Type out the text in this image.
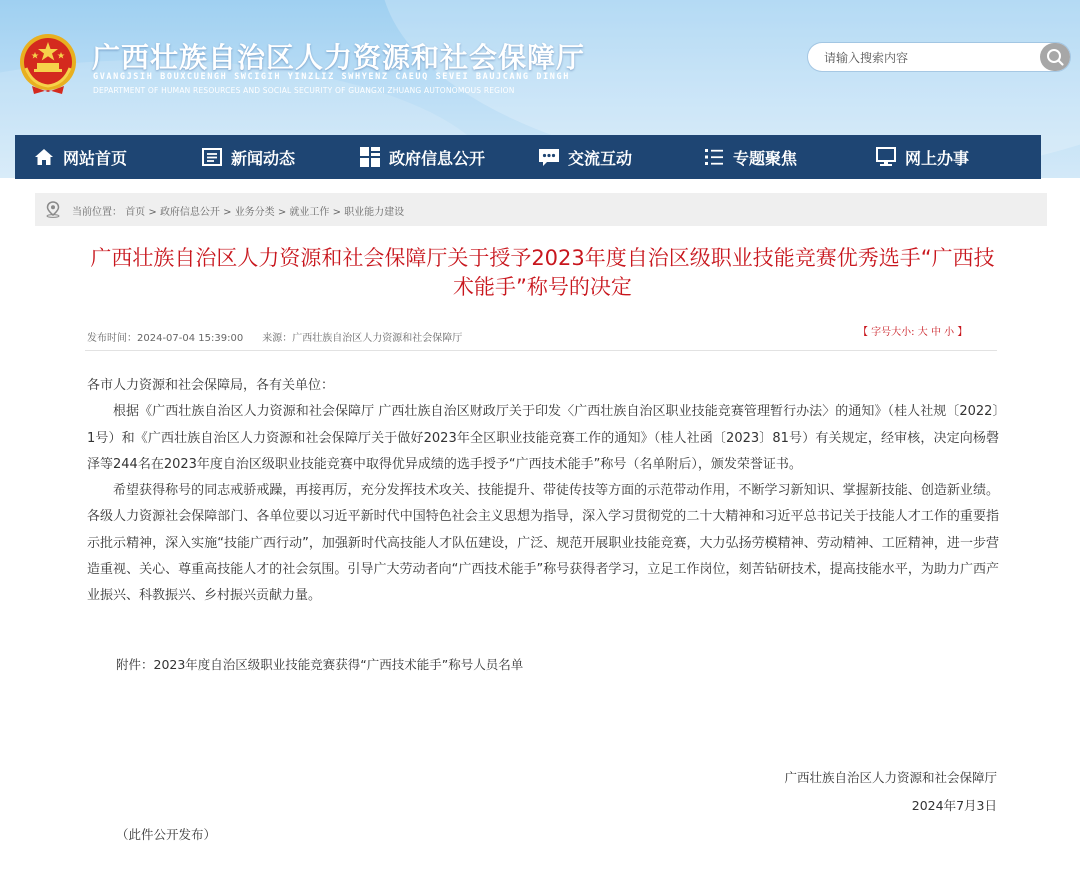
广西壮族自治区人力资源和社会保障厅
GVANGJSIH BOUXCUENGH SWCIGIH YINZLIZ SWHYENZ CAEUQ SEVEI BAUJCANG DINGH
DEPARTMENT OF HUMAN RESOURCES AND SOCIAL SECURITY OF GUANGXI ZHUANG AUTONOMOUS REGION
请输入搜索内容
网站首页	新闻动态	政府信息公开	交流互动	专题聚焦	网上办事
当前位置： 首页 > 政府信息公开 > 业务分类 > 就业工作 > 职业能力建设
广西壮族自治区人力资源和社会保障厅关于授予2023年度自治区级职业技能竞赛优秀选手“广西技术能手”称号的决定
发布时间：2024-07-04 15:39:00 来源：广西壮族自治区人力资源和社会保障厅
【 字号大小: 大 中 小 】

各市人力资源和社会保障局，各有关单位：

根据《广西壮族自治区人力资源和社会保障厅 广西壮族自治区财政厅关于印发〈广西壮族自治区职业技能竞赛管理暂行办法〉的通知》（桂人社规〔2022〕1号）和《广西壮族自治区人力资源和社会保障厅关于做好2023年全区职业技能竞赛工作的通知》（桂人社函〔2023〕81号）有关规定，经审核，决定向杨磬泽等244名在2023年度自治区级职业技能竞赛中取得优异成绩的选手授予“广西技术能手”称号（名单附后），颁发荣誉证书。

希望获得称号的同志戒骄戒躁，再接再厉，充分发挥技术攻关、技能提升、带徒传技等方面的示范带动作用，不断学习新知识、掌握新技能、创造新业绩。各级人力资源社会保障部门、各单位要以习近平新时代中国特色社会主义思想为指导，深入学习贯彻党的二十大精神和习近平总书记关于技能人才工作的重要指示批示精神，深入实施“技能广西行动”，加强新时代高技能人才队伍建设，广泛、规范开展职业技能竞赛，大力弘扬劳模精神、劳动精神、工匠精神，进一步营造重视、关心、尊重高技能人才的社会氛围。引导广大劳动者向“广西技术能手”称号获得者学习，立足工作岗位，刻苦钻研技术，提高技能水平，为助力广西产业振兴、科教振兴、乡村振兴贡献力量。

附件：2023年度自治区级职业技能竞赛获得“广西技术能手”称号人员名单
广西壮族自治区人力资源和社会保障厅
2024年7月3日
（此件公开发布）
